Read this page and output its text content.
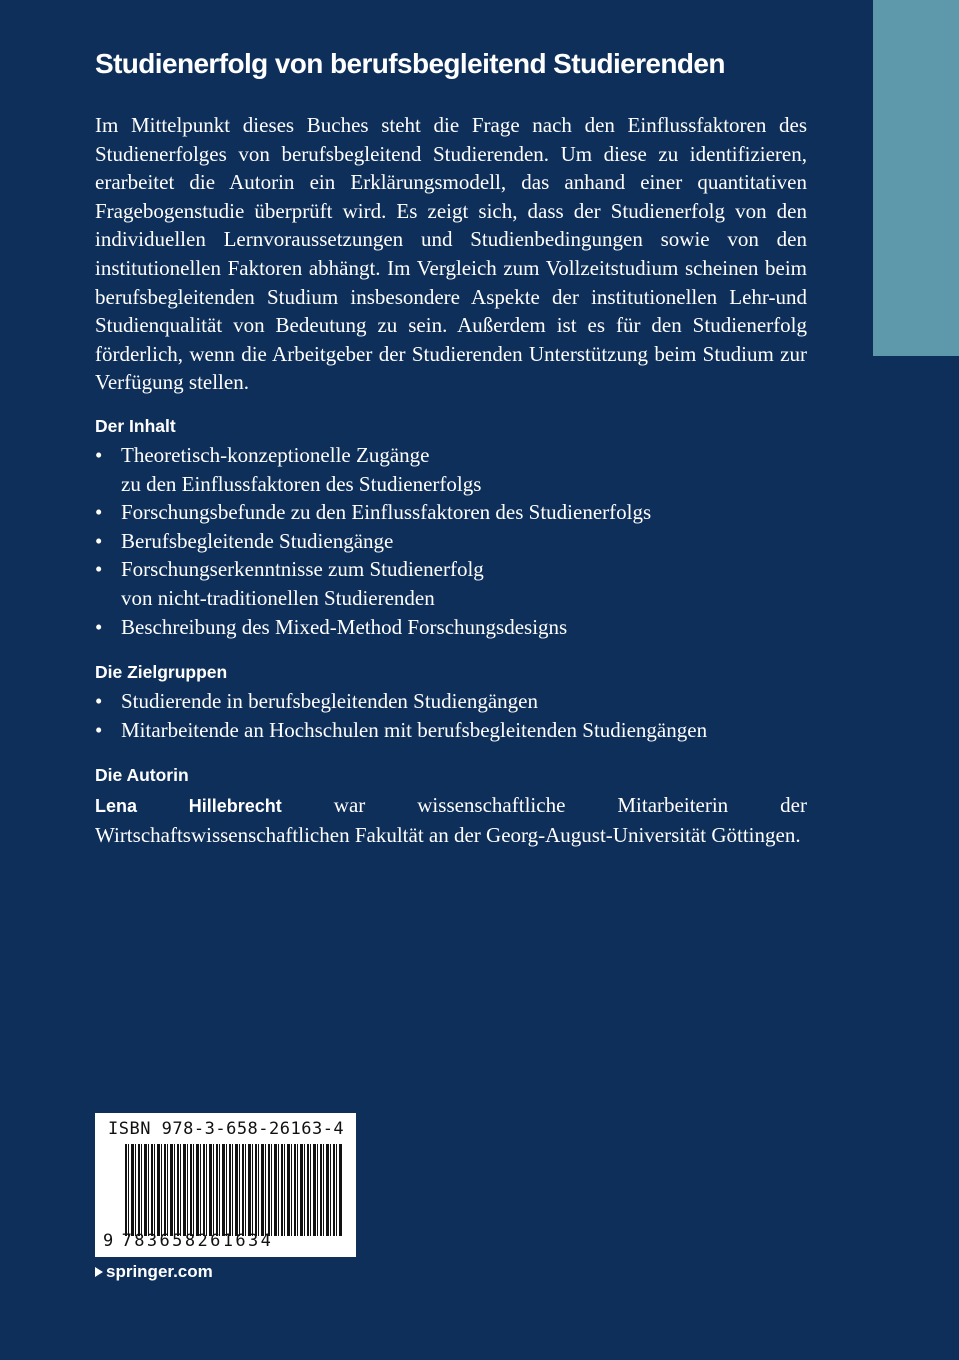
Studienerfolg von berufsbegleitend Studierenden

Im Mittelpunkt dieses Buches steht die Frage nach den Einflussfaktoren des Studienerfolges von berufsbegleitend Studierenden. Um diese zu identifizieren, erarbeitet die Autorin ein Erklärungsmodell, das anhand einer quantitativen Fragebogenstudie überprüft wird. Es zeigt sich, dass der Studienerfolg von den individuellen Lernvoraussetzungen und Studienbedingungen sowie von den institutionellen Faktoren abhängt. Im Vergleich zum Vollzeitstudium scheinen beim berufsbegleitenden Studium insbesondere Aspekte der institutionellen Lehr-und Studienqualität von Bedeutung zu sein. Außerdem ist es für den Studienerfolg förderlich, wenn die Arbeitgeber der Studierenden Unterstützung beim Studium zur Verfügung stellen.

Der Inhalt

• Theoretisch-konzeptionelle Zugänge
zu den Einflussfaktoren des Studienerfolgs
• Forschungsbefunde zu den Einflussfaktoren des Studienerfolgs
• Berufsbegleitende Studiengänge
• Forschungserkenntnisse zum Studienerfolg
von nicht-traditionellen Studierenden
• Beschreibung des Mixed-Method Forschungsdesigns

Die Zielgruppen

• Studierende in berufsbegleitenden Studiengängen
• Mitarbeitende an Hochschulen mit berufsbegleitenden Studiengängen

Die Autorin

Lena Hillebrecht war wissenschaftliche Mitarbeiterin der Wirtschaftswissenschaftlichen Fakultät an der Georg-August-Universität Göttingen.

ISBN 978-3-658-26163-4
9 783658261634
springer.com
